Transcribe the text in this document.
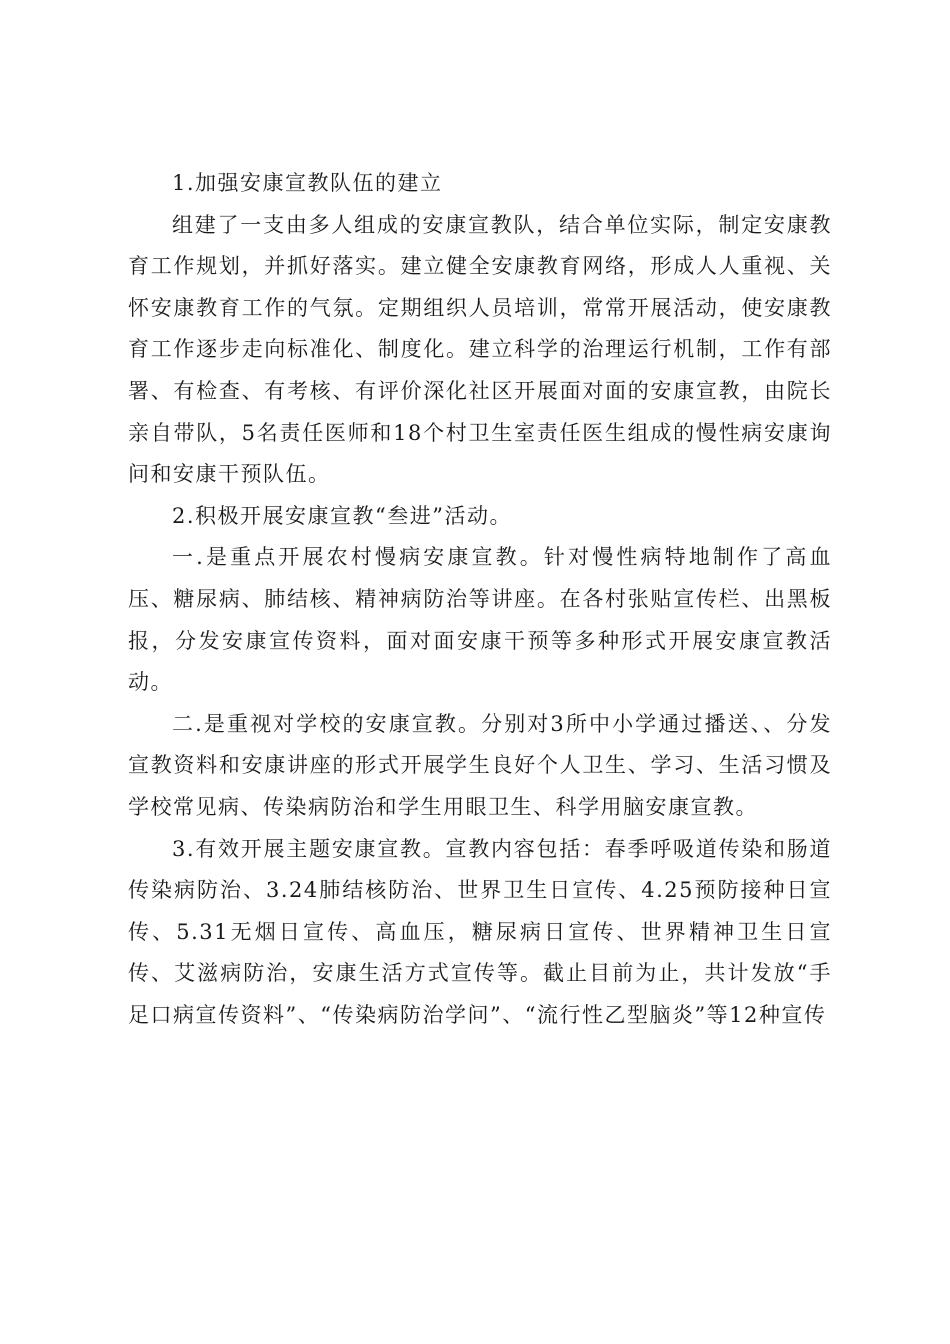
1.加强安康宣教队伍的建立

组建了一支由多人组成的安康宣教队，结合单位实际，制定安康教育工作规划，并抓好落实。建立健全安康教育网络，形成人人重视、关怀安康教育工作的气氛。定期组织人员培训，常常开展活动，使安康教育工作逐步走向标准化、制度化。建立科学的治理运行机制，工作有部署、有检查、有考核、有评价深化社区开展面对面的安康宣教，由院长亲自带队，5名责任医师和18个村卫生室责任医生组成的慢性病安康询问和安康干预队伍。

2.积极开展安康宣教“叁进”活动。

一.是重点开展农村慢病安康宣教。针对慢性病特地制作了高血压、糖尿病、肺结核、精神病防治等讲座。在各村张贴宣传栏、出黑板报，分发安康宣传资料，面对面安康干预等多种形式开展安康宣教活动。

二.是重视对学校的安康宣教。分别对3所中小学通过播送、、分发宣教资料和安康讲座的形式开展学生良好个人卫生、学习、生活习惯及学校常见病、传染病防治和学生用眼卫生、科学用脑安康宣教。

3.有效开展主题安康宣教。宣教内容包括：春季呼吸道传染和肠道传染病防治、3.24肺结核防治、世界卫生日宣传、4.25预防接种日宣传、5.31无烟日宣传、高血压，糖尿病日宣传、世界精神卫生日宣传、艾滋病防治，安康生活方式宣传等。截止目前为止，共计发放“手足口病宣传资料”、“传染病防治学问”、“流行性乙型脑炎”等12种宣传
